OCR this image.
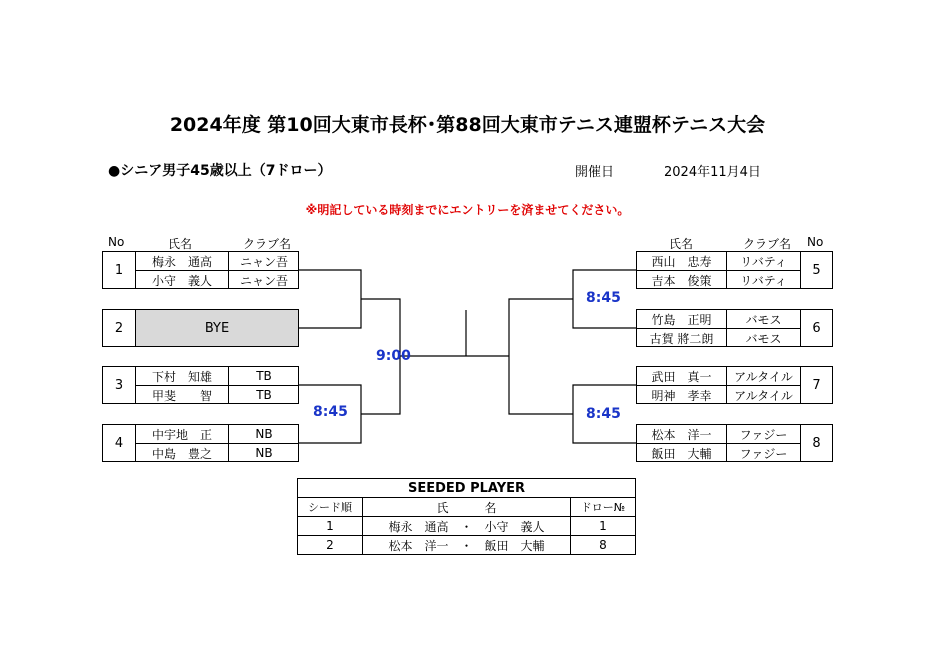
2024年度 第10回大東市長杯･第88回大東市テニス連盟杯テニス大会
●シニア男子45歳以上（7ドロー）	開催日	2024年11月4日
※明記している時刻までにエントリーを済ませてください。
No	氏名	クラブ名	氏名	クラブ名 No
1
梅永　通高	ニャン吾
小守　義人	ニャン吾
2	BYE
3
下村　知雄	TB
甲斐　　智	TB
4
中宇地　正	NB
中島　豊之	NB
西山　忠寿	リバティ
吉本　俊策	リバティ
5
竹島　正明	バモス
古賀 將二朗	バモス
6
武田　真一	アルタイル
明神　孝幸	アルタイル
7
松本　洋一	ファジー
飯田　大輔	ファジー
8
8:45
9:00
8:45
8:45
SEEDED PLAYER		
シード順	氏　　　名	ドロー№
1	梅永　通高　・　小守　義人	1
2	松本　洋一　・　飯田　大輔	8
